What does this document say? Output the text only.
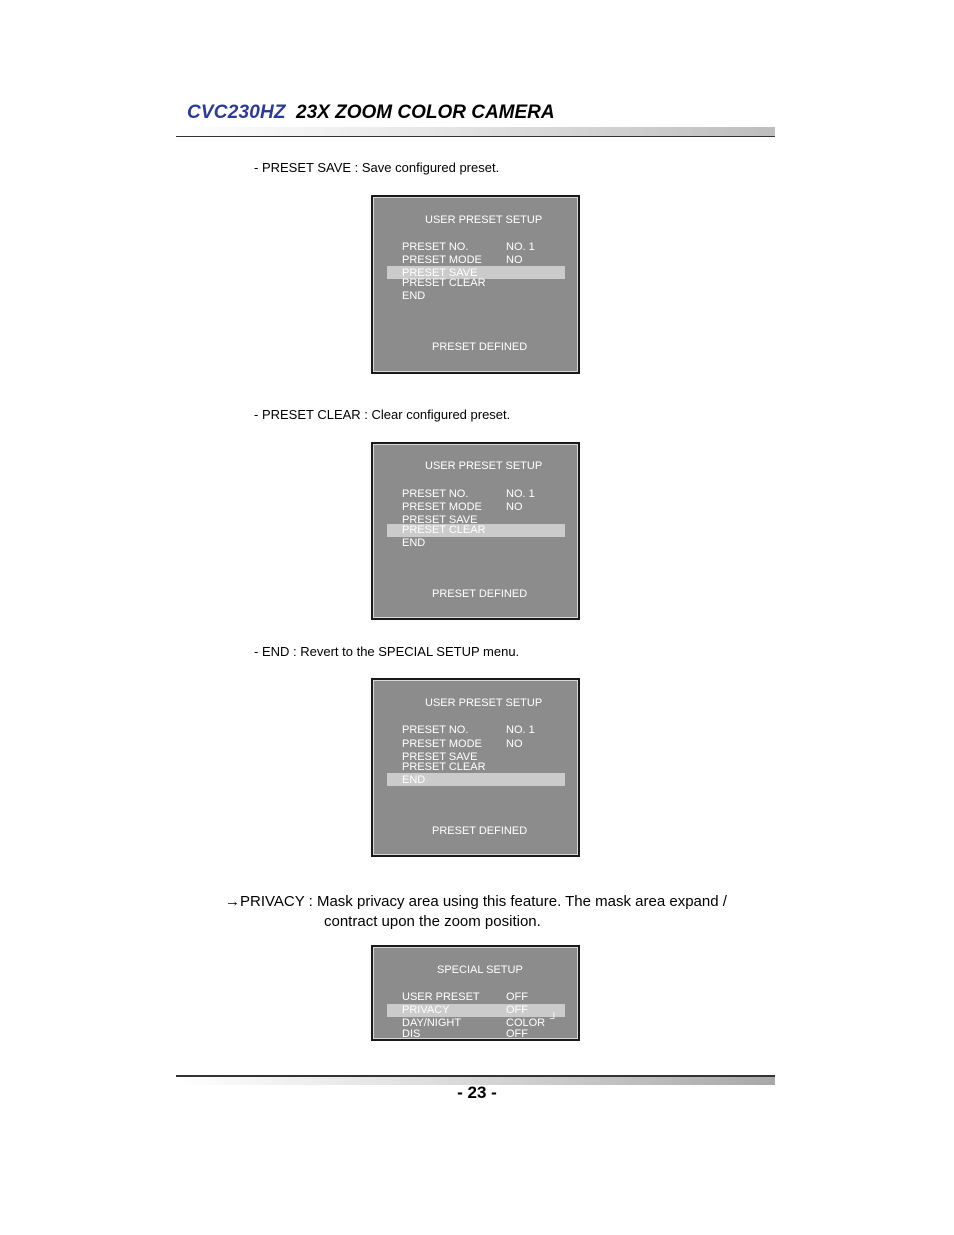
CVC230HZ 23X ZOOM COLOR CAMERA
- PRESET SAVE : Save configured preset.
USER PRESET SETUP
PRESET NO.	NO. 1
PRESET MODE NO
PRESET SAVE
PRESET CLEAR
END
PRESET DEFINED
- PRESET CLEAR : Clear configured preset.
USER PRESET SETUP
PRESET NO.	NO. 1
PRESET MODE NO
PRESET SAVE
PRESET CLEAR
END
PRESET DEFINED
- END : Revert to the SPECIAL SETUP menu.
USER PRESET SETUP
PRESET NO.	NO. 1
PRESET MODE NO
PRESET SAVE
PRESET CLEAR
END
PRESET DEFINED
→PRIVACY : Mask privacy area using this feature. The mask area expand /
contract upon the zoom position.
SPECIAL SETUP
USER PRESET OFF
PRIVACY	OFF
DAY/NIGHT	COLOR ┘
DIS	OFF
- 23 -
